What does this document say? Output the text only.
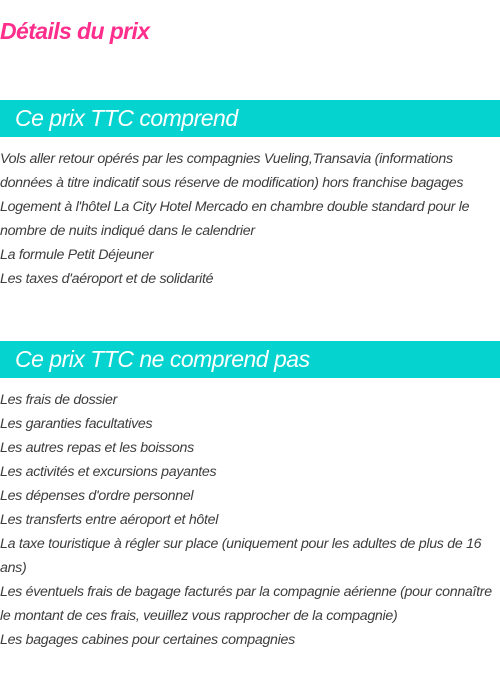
Détails du prix
Ce prix TTC comprend
Vols aller retour opérés par les compagnies Vueling,Transavia (informations données à titre indicatif sous réserve de modification) hors franchise bagages
Logement à l'hôtel La City Hotel Mercado en chambre double standard pour le nombre de nuits indiqué dans le calendrier
La formule Petit Déjeuner
Les taxes d'aéroport et de solidarité
Ce prix TTC ne comprend pas
Les frais de dossier
Les garanties facultatives
Les autres repas et les boissons
Les activités et excursions payantes
Les dépenses d'ordre personnel
Les transferts entre aéroport et hôtel
La taxe touristique à régler sur place (uniquement pour les adultes de plus de 16 ans)
Les éventuels frais de bagage facturés par la compagnie aérienne (pour connaître le montant de ces frais, veuillez vous rapprocher de la compagnie)
Les bagages cabines pour certaines compagnies
